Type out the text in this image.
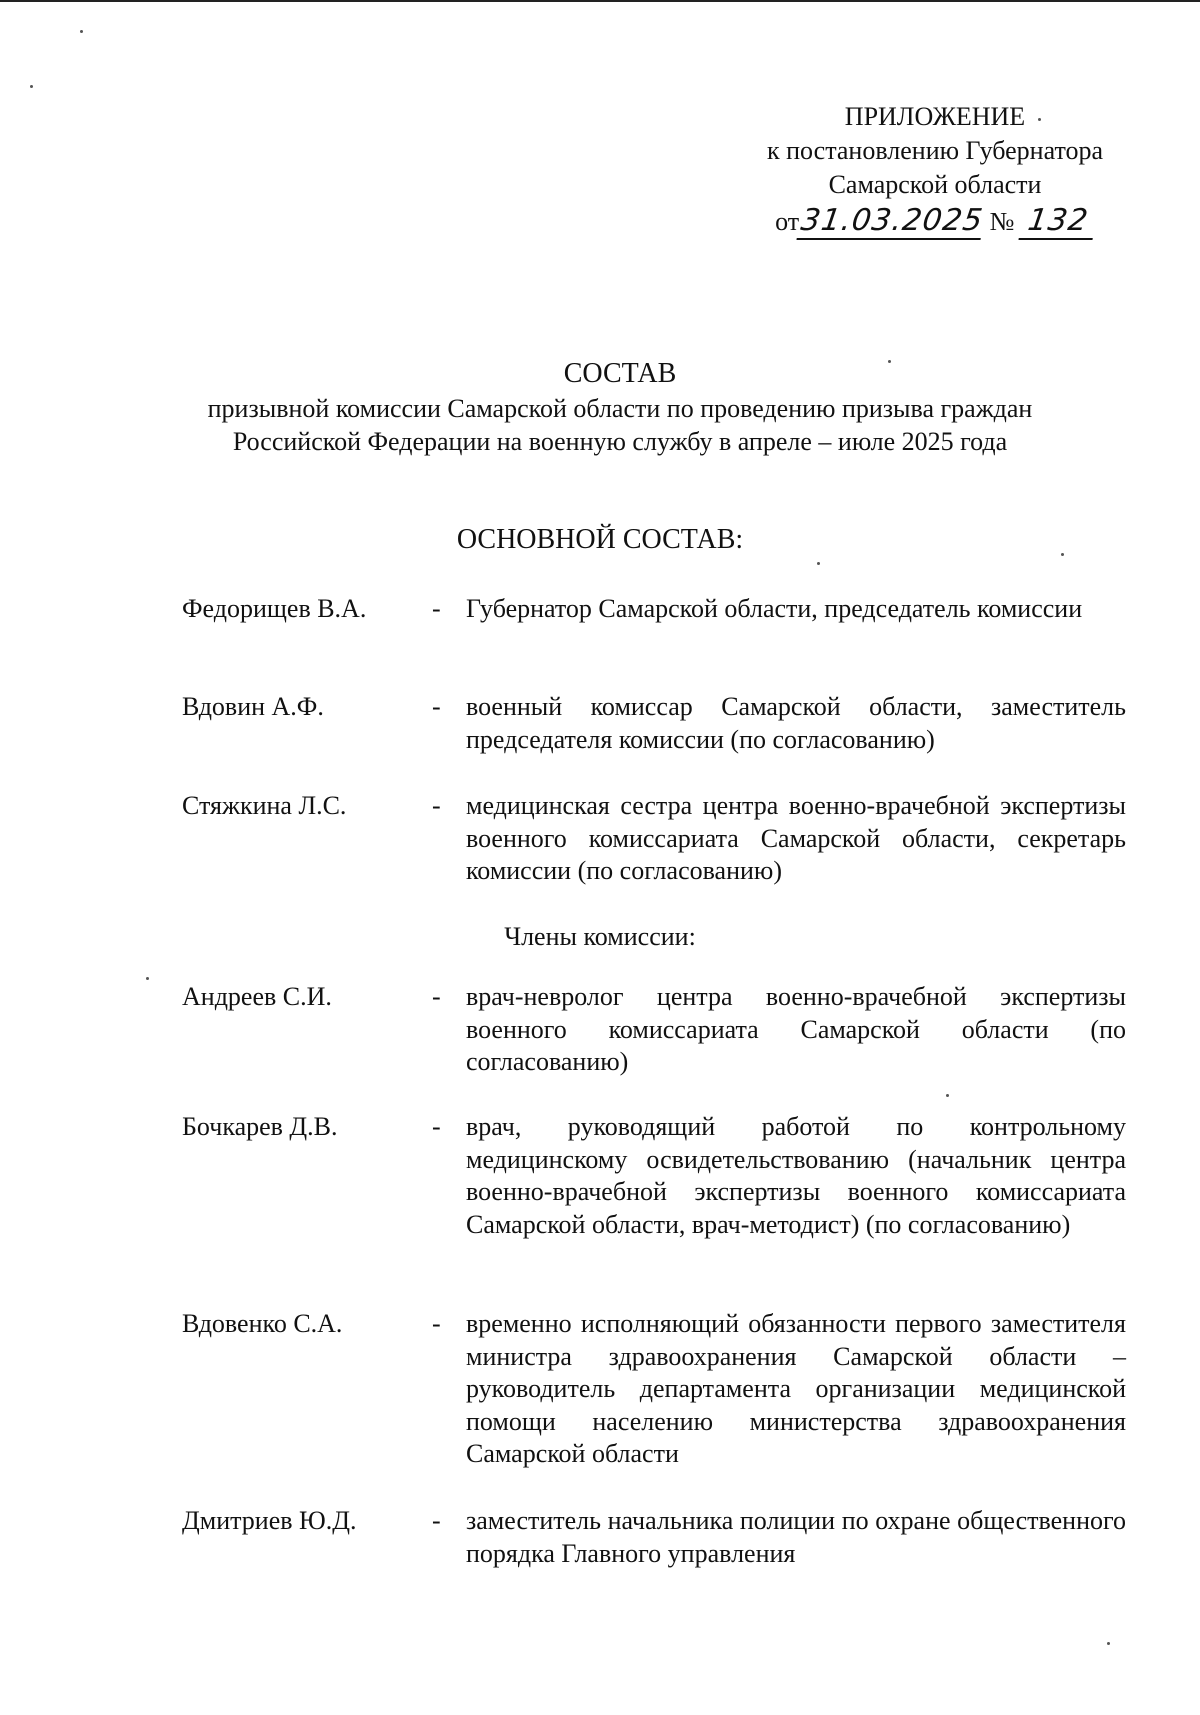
ПРИЛОЖЕНИЕ
к постановлению Губернатора
Самарской области
от31.03.2025 № 132
СОСТАВ
призывной комиссии Самарской области по проведению призыва граждан
Российской Федерации на военную службу в апреле – июле 2025 года
ОСНОВНОЙ СОСТАВ:
Федорищев В.А.	- Губернатор Самарской области, председатель комиссии
Вдовин А.Ф.	- военный комиссар Самарской области, заместитель председателя комиссии (по согласованию)
Стяжкина Л.С.	- медицинская сестра центра военно-врачебной экспертизы военного комиссариата Самарской области, секретарь комиссии (по согласованию)
Члены комиссии:
Андреев С.И.	- врач-невролог центра военно-врачебной экспертизы военного комиссариата Самарской области (по согласованию)
Бочкарев Д.В.	- врач, руководящий работой по контрольному медицинскому освидетельствованию (начальник центра военно-врачебной экспертизы военного комиссариата Самарской области, врач-методист) (по согласованию)
Вдовенко С.А.	- временно исполняющий обязанности первого заместителя министра здравоохранения Самарской области – руководитель департамента организации медицинской помощи населению министерства здравоохранения Самарской области
Дмитриев Ю.Д.	- заместитель начальника полиции по охране общественного порядка Главного управления
